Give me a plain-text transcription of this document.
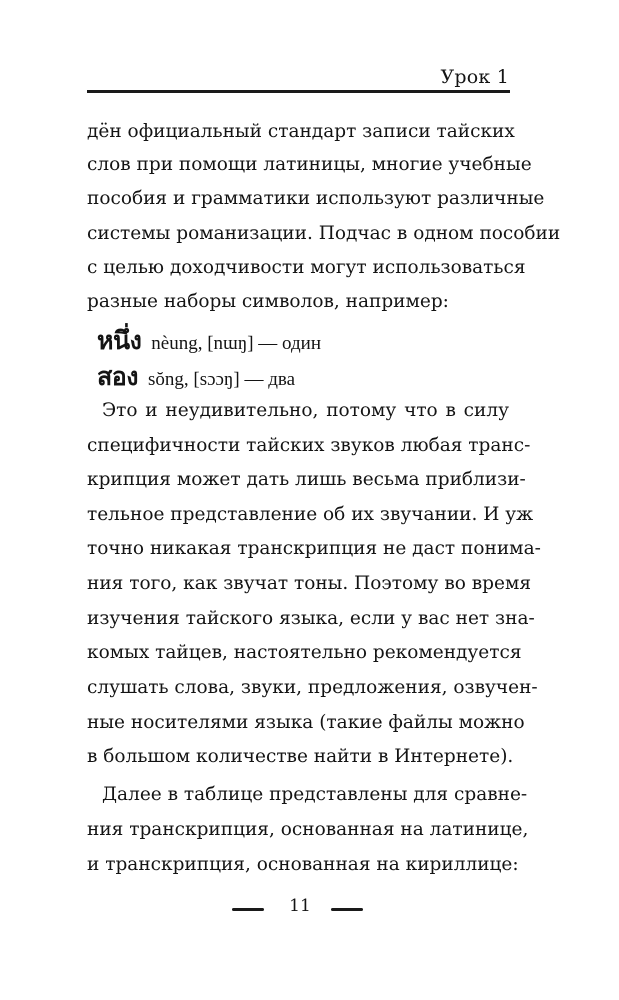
Урок 1
дён официальный стандарт записи тайских
слов при помощи латиницы, многие учебные
пособия и грамматики используют различные
системы романизации. Подчас в одном пособии
с целью доходчивости могут использоваться
разные наборы символов, например:
หนึ่ง nèung, [nɯŋ] — один
สอง sŏng, [sɔɔŋ] — два
Это и неудивительно, потому что в силу
специфичности тайских звуков любая транс-
крипция может дать лишь весьма приблизи-
тельное представление об их звучании. И уж
точно никакая транскрипция не даст понима-
ния того, как звучат тоны. Поэтому во время
изучения тайского языка, если у вас нет зна-
комых тайцев, настоятельно рекомендуется
слушать слова, звуки, предложения, озвучен-
ные носителями языка (такие файлы можно
в большом количестве найти в Интернете).
Далее в таблице представлены для сравне-
ния транскрипция, основанная на латинице,
и транскрипция, основанная на кириллице:
11
